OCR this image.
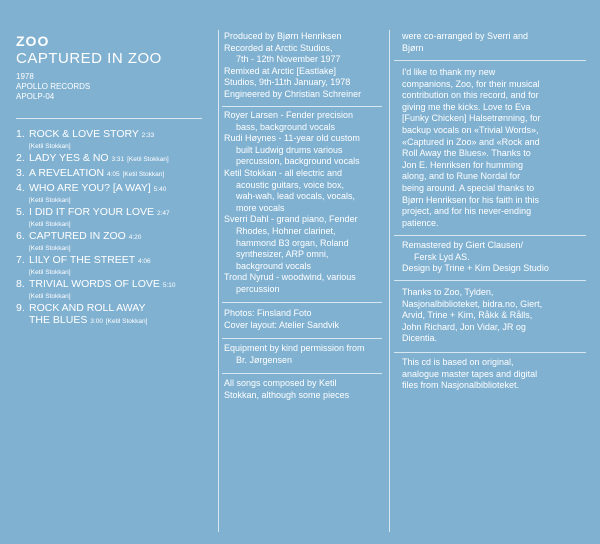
ZOO
CAPTURED IN ZOO
1978
APOLLO RECORDS
APOLP-04
1. ROCK & LOVE STORY 2:33
[Ketil Stokkan]
2. LADY YES & NO 3:31 [Ketil Stokkan]
3. A REVELATION 4:05 [Ketil Stokkan]
4. WHO ARE YOU? [A WAY] 5:40
[Ketil Stokkan]
5. I DID IT FOR YOUR LOVE 2:47
[Ketil Stokkan]
6. CAPTURED IN ZOO 4:20
[Ketil Stokkan]
7. LILY OF THE STREET 4:06
[Ketil Stokkan]
8. TRIVIAL WORDS OF LOVE 5:10
[Ketil Stokkan]
9. ROCK AND ROLL AWAY
THE BLUES 3:00 [Ketil Stokkan]
Produced by Bjørn Henriksen
Recorded at Arctic Studios,
7th - 12th November 1977
Remixed at Arctic [Eastlake]
Studios, 9th-11th January, 1978
Engineered by Christian Schreiner
Royer Larsen - Fender precision
bass, background vocals
Rudi Høynes - 11-year old custom
built Ludwig drums various
percussion, background vocals
Ketil Stokkan - all electric and
acoustic guitars, voice box,
wah-wah, lead vocals, vocals,
more vocals
Sverri Dahl - grand piano, Fender
Rhodes, Hohner clarinet,
hammond B3 organ, Roland
synthesizer, ARP omni,
background vocals
Trond Nyrud - woodwind, various
percussion
Photos: Finsland Foto
Cover layout: Atelier Sandvik
Equipment by kind permission from
Br. Jørgensen
All songs composed by Ketil
Stokkan, although some pieces
were co-arranged by Sverri and
Bjørn
I'd like to thank my new
companions, Zoo, for their musical
contribution on this record, and for
giving me the kicks. Love to Eva
[Funky Chicken] Halsetrønning, for
backup vocals on «Trivial Words»,
«Captured in Zoo» and «Rock and
Roll Away the Blues». Thanks to
Jon E. Henriksen for humming
along, and to Rune Nordal for
being around. A special thanks to
Bjørn Henriksen for his faith in this
project, and for his never-ending
patience.
Remastered by Giert Clausen/
Fersk Lyd AS.
Design by Trine + Kim Design Studio
Thanks to Zoo, Tylden,
Nasjonalbiblioteket, bidra.no, Giert,
Arvid, Trine + Kim, Råkk & Rålls,
John Richard, Jon Vidar, JR og
Dicentia.
This cd is based on original,
analogue master tapes and digital
files from Nasjonalbiblioteket.
